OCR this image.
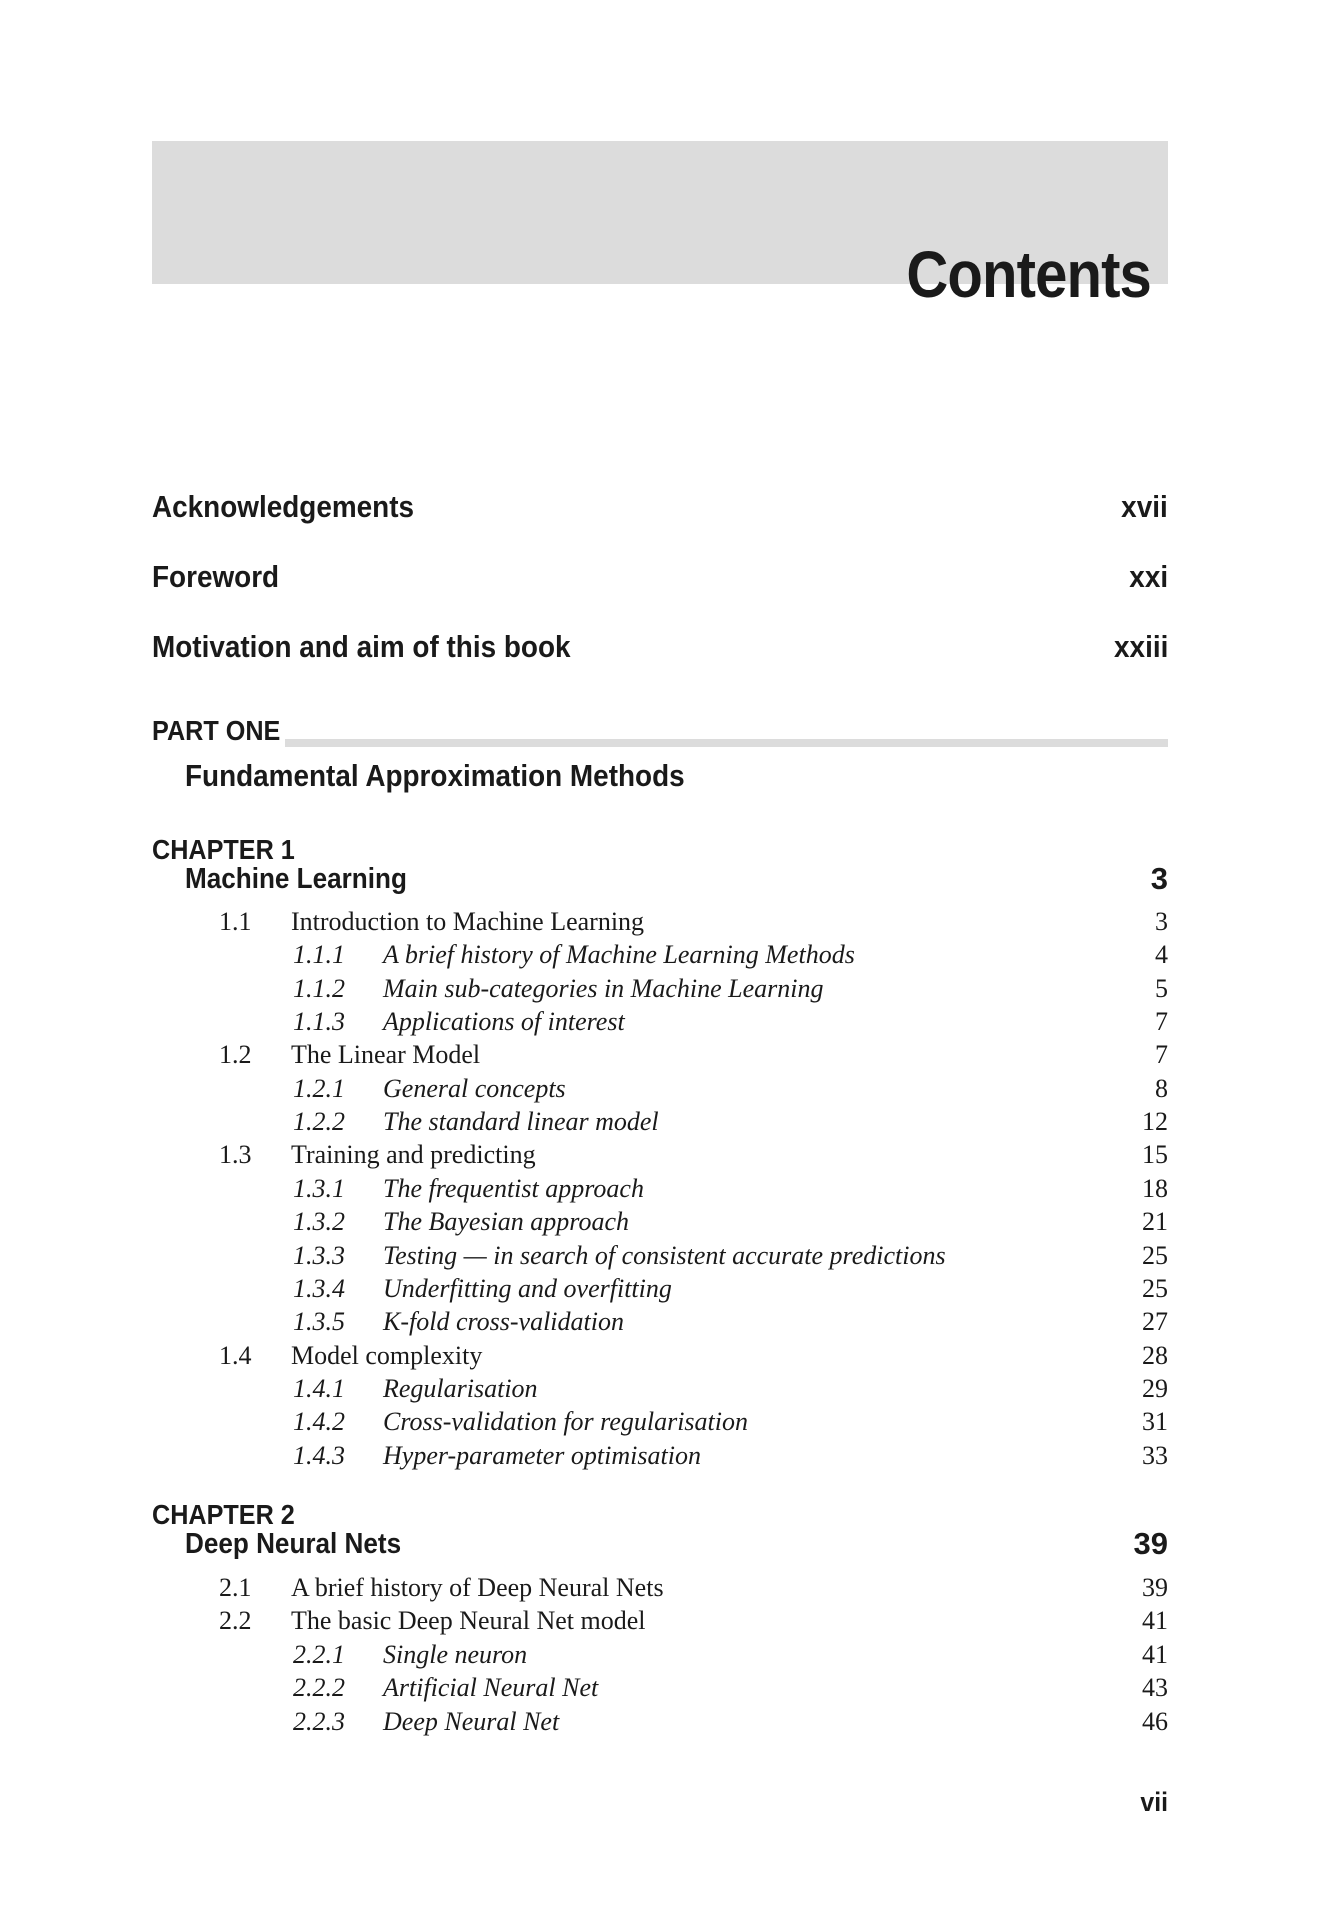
Contents
Acknowledgements	xvii
Foreword	xxi
Motivation and aim of this book	xxiii
PART ONE
Fundamental Approximation Methods
CHAPTER 1
Machine Learning	3
1.1 Introduction to Machine Learning	3
1.1.1 A brief history of Machine Learning Methods	4
1.1.2 Main sub-categories in Machine Learning	5
1.1.3 Applications of interest	7
1.2 The Linear Model	7
1.2.1 General concepts	8
1.2.2 The standard linear model	12
1.3 Training and predicting	15
1.3.1 The frequentist approach	18
1.3.2 The Bayesian approach	21
1.3.3 Testing — in search of consistent accurate predictions	25
1.3.4 Underfitting and overfitting	25
1.3.5 K-fold cross-validation	27
1.4 Model complexity	28
1.4.1 Regularisation	29
1.4.2 Cross-validation for regularisation	31
1.4.3 Hyper-parameter optimisation	33
CHAPTER 2
Deep Neural Nets	39
2.1 A brief history of Deep Neural Nets	39
2.2 The basic Deep Neural Net model	41
2.2.1 Single neuron	41
2.2.2 Artificial Neural Net	43
2.2.3 Deep Neural Net	46
vii
